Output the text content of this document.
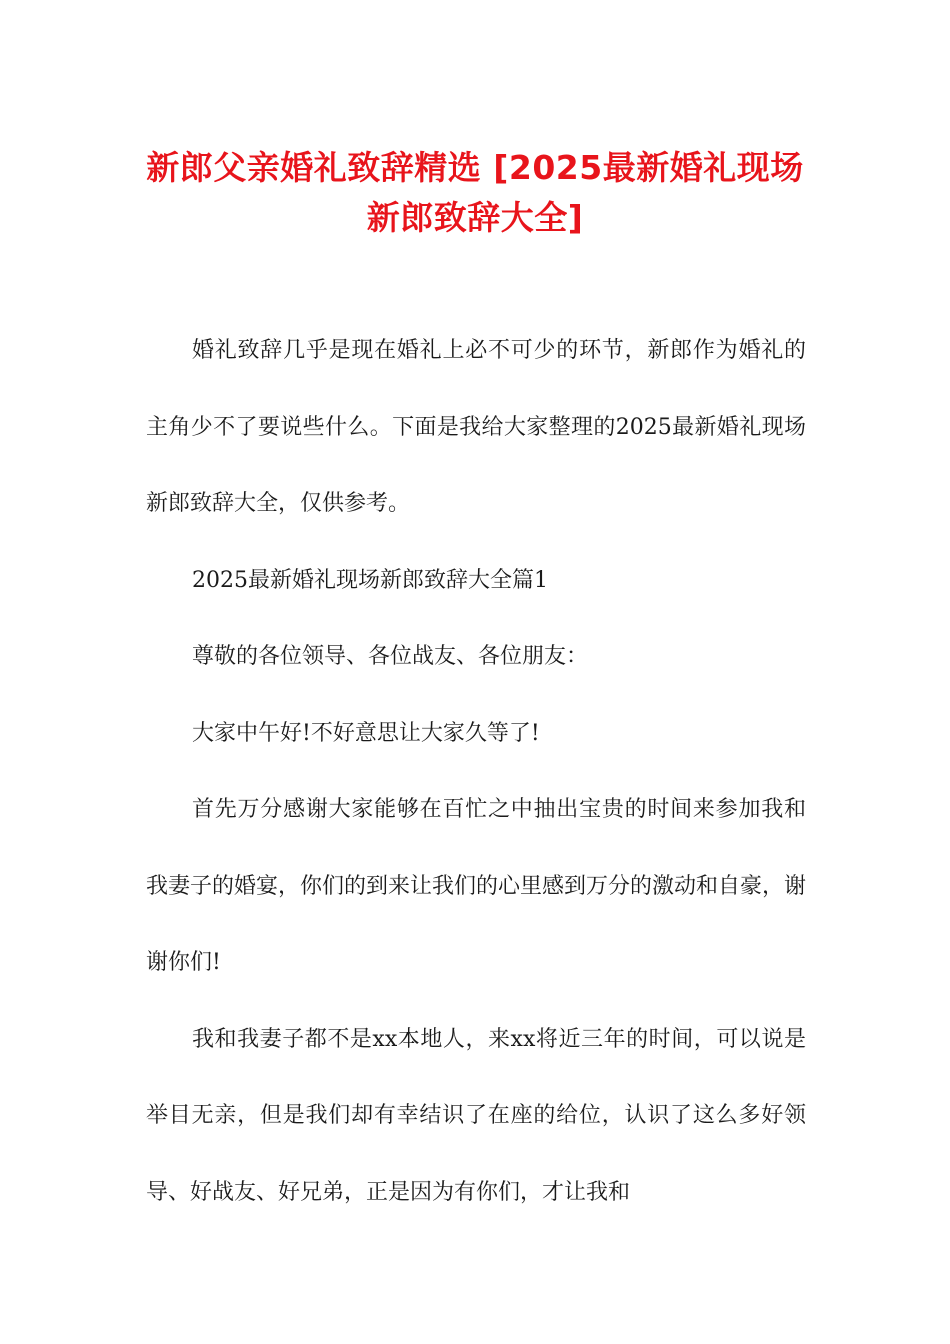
新郎父亲婚礼致辞精选 [2025最新婚礼现场
新郎致辞大全]

婚礼致辞几乎是现在婚礼上必不可少的环节，新郎作为婚礼的主角少不了要说些什么。下面是我给大家整理的2025最新婚礼现场新郎致辞大全，仅供参考。

2025最新婚礼现场新郎致辞大全篇1

尊敬的各位领导、各位战友、各位朋友：

大家中午好!不好意思让大家久等了!

首先万分感谢大家能够在百忙之中抽出宝贵的时间来参加我和我妻子的婚宴，你们的到来让我们的心里感到万分的激动和自豪，谢谢你们!

我和我妻子都不是xx本地人，来xx将近三年的时间，可以说是举目无亲，但是我们却有幸结识了在座的给位，认识了这么多好领导、好战友、好兄弟，正是因为有你们，才让我和
